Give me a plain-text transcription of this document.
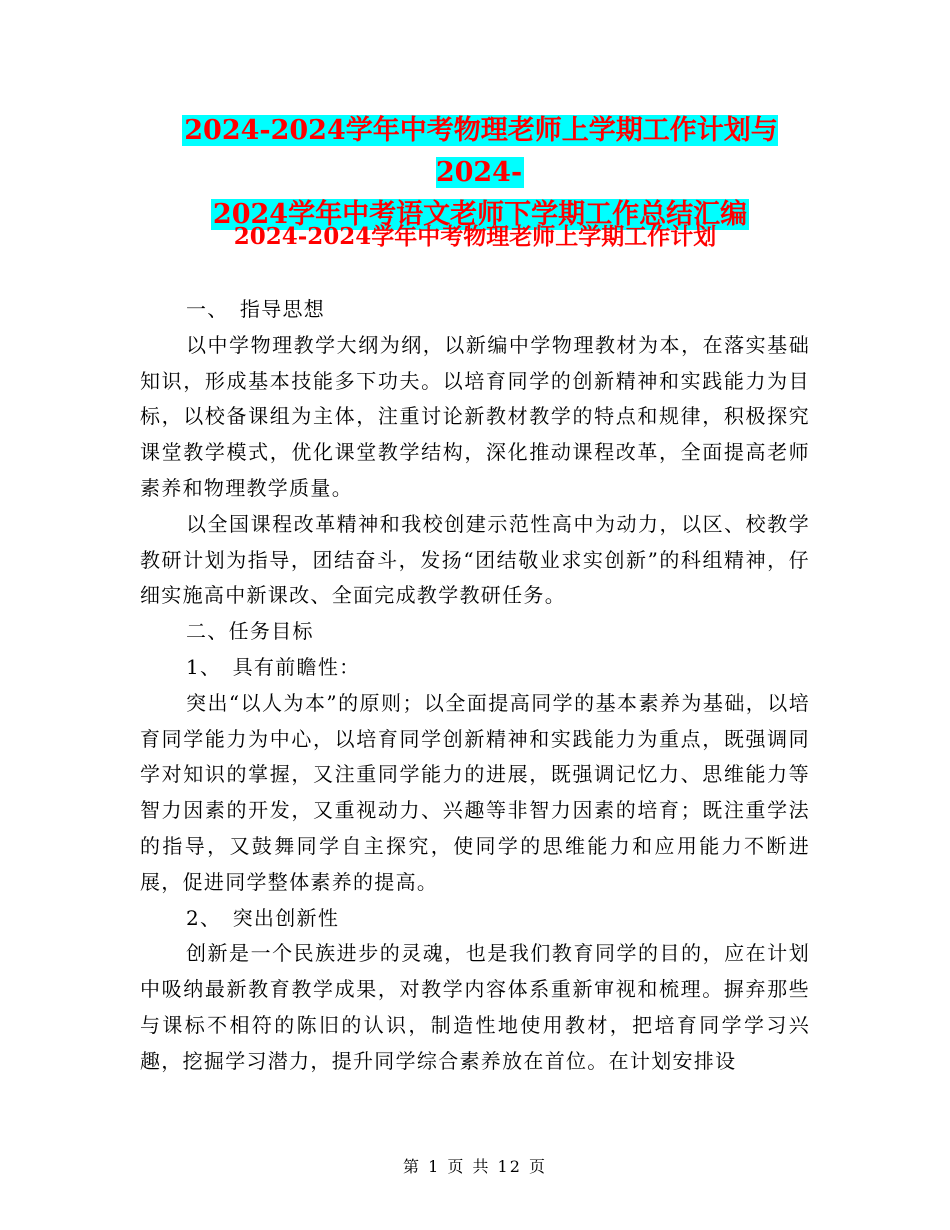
2024-2024学年中考物理老师上学期工作计划与2024-
2024学年中考语文老师下学期工作总结汇编
2024-2024学年中考物理老师上学期工作计划

一、　指导思想

以中学物理教学大纲为纲，以新编中学物理教材为本，在落实基础知识，形成基本技能多下功夫。以培育同学的创新精神和实践能力为目标，以校备课组为主体，注重讨论新教材教学的特点和规律，积极探究课堂教学模式，优化课堂教学结构，深化推动课程改革，全面提高老师素养和物理教学质量。

以全国课程改革精神和我校创建示范性高中为动力，以区、校教学教研计划为指导，团结奋斗，发扬“团结敬业求实创新”的科组精神，仔细实施高中新课改、全面完成教学教研任务。

二、任务目标

1、　具有前瞻性：

突出“以人为本”的原则；以全面提高同学的基本素养为基础，以培育同学能力为中心，以培育同学创新精神和实践能力为重点，既强调同学对知识的掌握，又注重同学能力的进展，既强调记忆力、思维能力等智力因素的开发，又重视动力、兴趣等非智力因素的培育；既注重学法的指导，又鼓舞同学自主探究，使同学的思维能力和应用能力不断进展，促进同学整体素养的提高。

2、　突出创新性

创新是一个民族进步的灵魂，也是我们教育同学的目的，应在计划中吸纳最新教育教学成果，对教学内容体系重新审视和梳理。摒弃那些与课标不相符的陈旧的认识，制造性地使用教材，把培育同学学习兴趣，挖掘学习潜力，提升同学综合素养放在首位。在计划安排设

第 1 页 共 12 页
